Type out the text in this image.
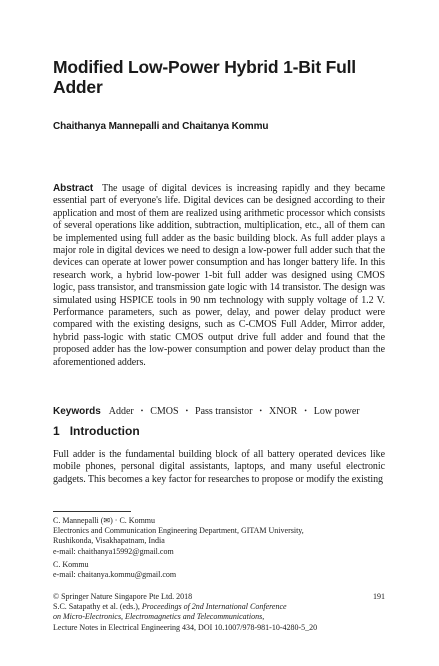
Modified Low-Power Hybrid 1-Bit Full
Adder
Chaithanya Mannepalli and Chaitanya Kommu
Abstract The usage of digital devices is increasing rapidly and they became essential part of everyone's life. Digital devices can be designed according to their application and most of them are realized using arithmetic processor which consists of several operations like addition, subtraction, multiplication, etc., all of them can be implemented using full adder as the basic building block. As full adder plays a major role in digital devices we need to design a low-power full adder such that the devices can operate at lower power consumption and has longer battery life. In this research work, a hybrid low-power 1-bit full adder was designed using CMOS logic, pass transistor, and transmission gate logic with 14 transistor. The design was simulated using HSPICE tools in 90 nm technology with supply voltage of 1.2 V. Performance parameters, such as power, delay, and power delay product were compared with the existing designs, such as C-CMOS Full Adder, Mirror adder, hybrid pass-logic with static CMOS output drive full adder and found that the proposed adder has the low-power consumption and power delay product than the aforementioned adders.
Keywords Adder • CMOS • Pass transistor • XNOR • Low power
1 Introduction
Full adder is the fundamental building block of all battery operated devices like mobile phones, personal digital assistants, laptops, and many useful electronic gadgets. This becomes a key factor for researches to propose or modify the existing
C. Mannepalli (✉) · C. Kommu
Electronics and Communication Engineering Department, GITAM University,
Rushikonda, Visakhapatnam, India
e-mail: chaithanya15992@gmail.com
C. Kommu
e-mail: chaitanya.kommu@gmail.com
© Springer Nature Singapore Pte Ltd. 2018	191
S.C. Satapathy et al. (eds.), Proceedings of 2nd International Conference
on Micro-Electronics, Electromagnetics and Telecommunications,
Lecture Notes in Electrical Engineering 434, DOI 10.1007/978-981-10-4280-5_20
